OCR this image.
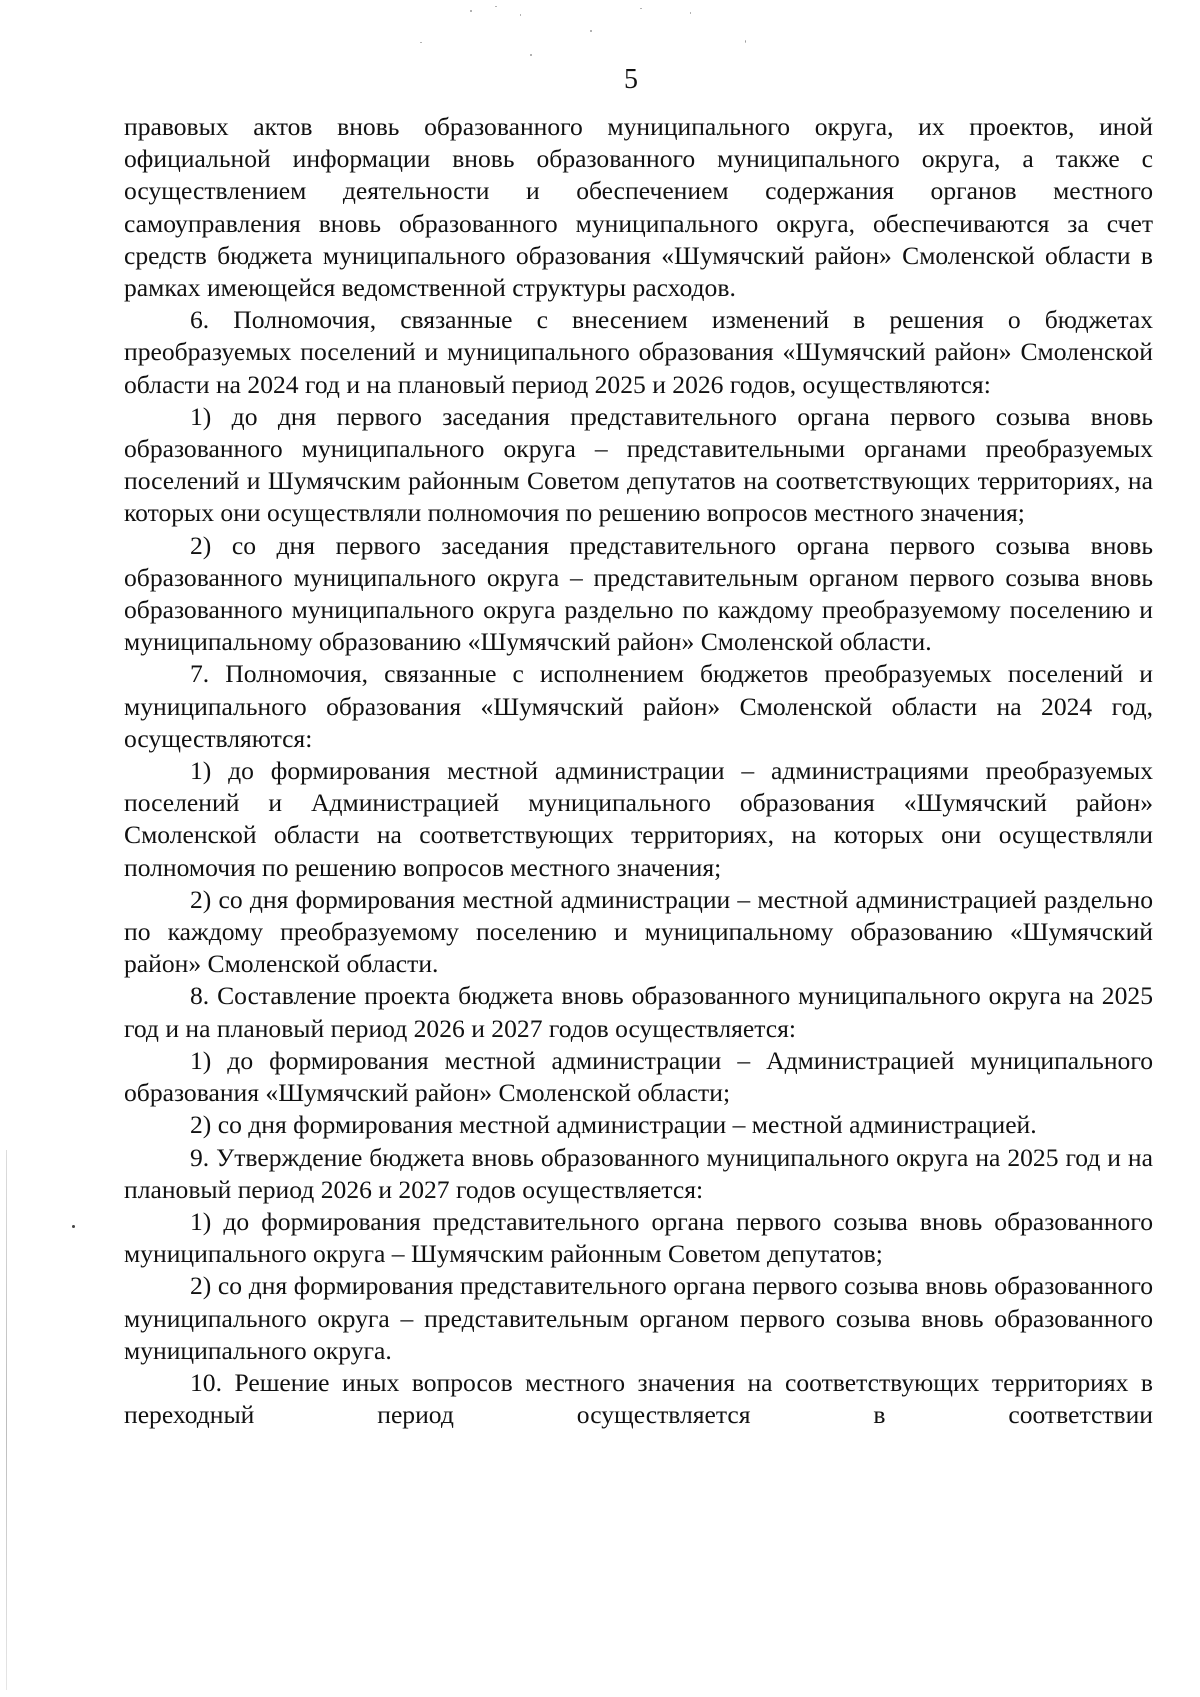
5

правовых актов вновь образованного муниципального округа, их проектов, иной официальной информации вновь образованного муниципального округа, а также с осуществлением деятельности и обеспечением содержания органов местного самоуправления вновь образованного муниципального округа, обеспечиваются за счет средств бюджета муниципального образования «Шумячский район» Смоленской области в рамках имеющейся ведомственной структуры расходов.

6. Полномочия, связанные с внесением изменений в решения о бюджетах преобразуемых поселений и муниципального образования «Шумячский район» Смоленской области на 2024 год и на плановый период 2025 и 2026 годов, осуществляются:

1) до дня первого заседания представительного органа первого созыва вновь образованного муниципального округа – представительными органами преобразуемых поселений и Шумячским районным Советом депутатов на соответствующих территориях, на которых они осуществляли полномочия по решению вопросов местного значения;

2) со дня первого заседания представительного органа первого созыва вновь образованного муниципального округа – представительным органом первого созыва вновь образованного муниципального округа раздельно по каждому преобразуемому поселению и муниципальному образованию «Шумячский район» Смоленской области.

7. Полномочия, связанные с исполнением бюджетов преобразуемых поселений и муниципального образования «Шумячский район» Смоленской области на 2024 год, осуществляются:

1) до формирования местной администрации – администрациями преобразуемых поселений и Администрацией муниципального образования «Шумячский район» Смоленской области на соответствующих территориях, на которых они осуществляли полномочия по решению вопросов местного значения;

2) со дня формирования местной администрации – местной администрацией раздельно по каждому преобразуемому поселению и муниципальному образованию «Шумячский район» Смоленской области.

8. Составление проекта бюджета вновь образованного муниципального округа на 2025 год и на плановый период 2026 и 2027 годов осуществляется:

1) до формирования местной администрации – Администрацией муниципального образования «Шумячский район» Смоленской области;

2) со дня формирования местной администрации – местной администрацией.

9. Утверждение бюджета вновь образованного муниципального округа на 2025 год и на плановый период 2026 и 2027 годов осуществляется:

1) до формирования представительного органа первого созыва вновь образованного муниципального округа – Шумячским районным Советом депутатов;

2) со дня формирования представительного органа первого созыва вновь образованного муниципального округа – представительным органом первого созыва вновь образованного муниципального округа.

10. Решение иных вопросов местного значения на соответствующих территориях в переходный период осуществляется в соответствии
